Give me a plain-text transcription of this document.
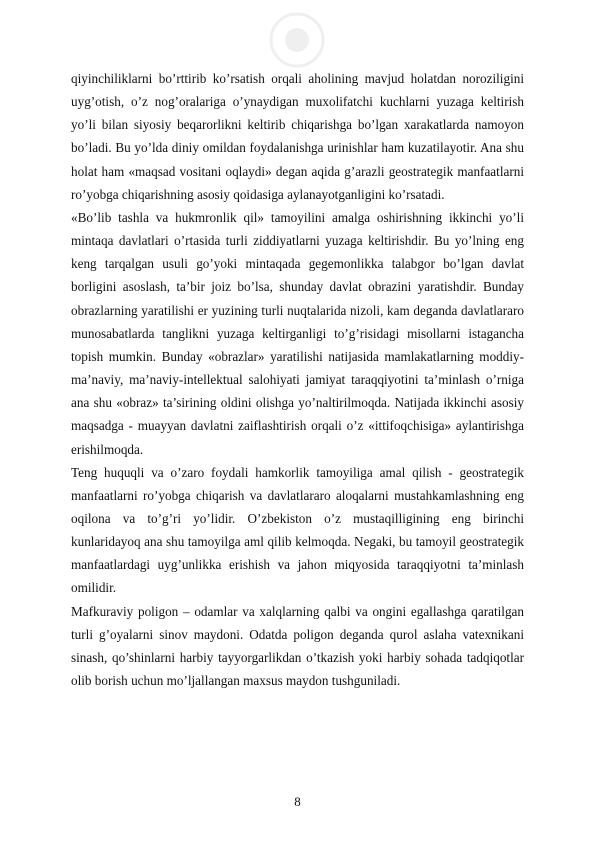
qiyinchiliklarni bo’rttirib ko’rsatish orqali aholining mavjud holatdan noroziligini uyg’otish, o’z nog’oralariga o’ynaydigan muxolifatchi kuchlarni yuzaga keltirish yo’li bilan siyosiy beqarorlikni keltirib chiqarishga bo’lgan xarakatlarda namoyon bo’ladi. Bu yo’lda diniy omildan foydalanishga urinishlar ham kuzatilayotir. Ana shu holat ham «maqsad vositani oqlaydi» degan aqida g’arazli geostrategik manfaatlarni ro’yobga chiqarishning asosiy qoidasiga aylanayotganligini ko’rsatadi.

«Bo’lib tashla va hukmronlik qil» tamoyilini amalga oshirishning ikkinchi yo’li mintaqa davlatlari o’rtasida turli ziddiyatlarni yuzaga keltirishdir. Bu yo’lning eng keng tarqalgan usuli go’yoki mintaqada gegemonlikka talabgor bo’lgan davlat borligini asoslash, ta’bir joiz bo’lsa, shunday davlat obrazini yaratishdir. Bunday obrazlarning yaratilishi er yuzining turli nuqtalarida nizoli, kam deganda davlatlararo munosabatlarda tanglikni yuzaga keltirganligi to’g’risidagi misollarni istagancha topish mumkin. Bunday «obrazlar» yaratilishi natijasida mamlakatlarning moddiy-ma’naviy, ma’naviy-intellektual salohiyati jamiyat taraqqiyotini ta’minlash o’rniga ana shu «obraz» ta’sirining oldini olishga yo’naltirilmoqda. Natijada ikkinchi asosiy maqsadga - muayyan davlatni zaiflashtirish orqali o’z «ittifoqchisiga» aylantirishga erishilmoqda.

Teng huquqli va o’zaro foydali hamkorlik tamoyiliga amal qilish - geostrategik manfaatlarni ro’yobga chiqarish va davlatlararo aloqalarni mustahkamlashning eng oqilona va to’g’ri yo’lidir. O’zbekiston o’z mustaqilligining eng birinchi kunlaridayoq ana shu tamoyilga aml qilib kelmoqda. Negaki, bu tamoyil geostrategik manfaatlardagi uyg’unlikka erishish va jahon miqyosida taraqqiyotni ta’minlash omilidir.

Mafkuraviy poligon – odamlar va xalqlarning qalbi va ongini egallashga qaratilgan turli g’oyalarni sinov maydoni. Odatda poligon deganda qurol aslaha vatexnikani sinash, qo’shinlarni harbiy tayyorgarlikdan o’tkazish yoki harbiy sohada tadqiqotlar olib borish uchun mo’ljallangan maxsus maydon tushguniladi.

8
